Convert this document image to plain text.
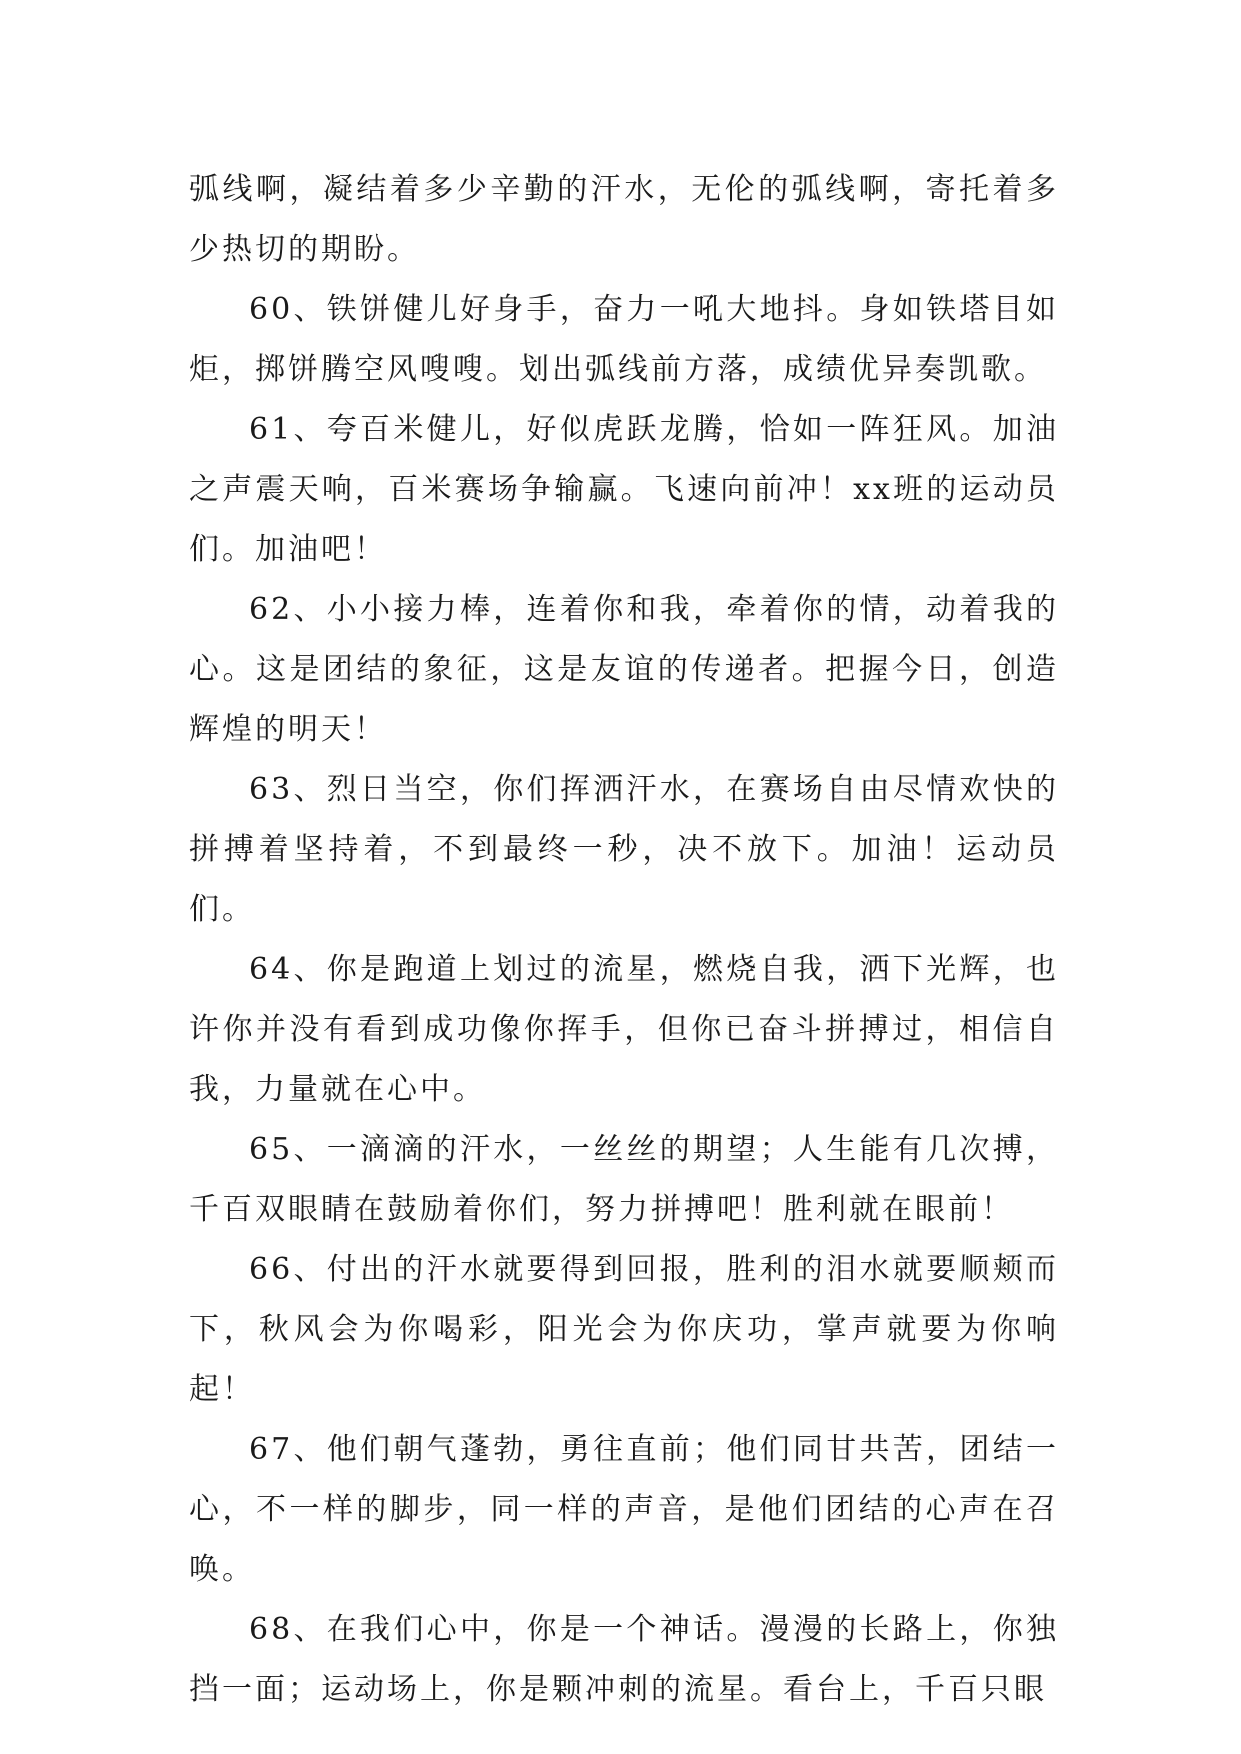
弧线啊，凝结着多少辛勤的汗水，无伦的弧线啊，寄托着多少热切的期盼。

60、铁饼健儿好身手，奋力一吼大地抖。身如铁塔目如炬，掷饼腾空风嗖嗖。划出弧线前方落，成绩优异奏凯歌。

61、夸百米健儿，好似虎跃龙腾，恰如一阵狂风。加油之声震天响，百米赛场争输赢。飞速向前冲！xx班的运动员们。加油吧！

62、小小接力棒，连着你和我，牵着你的情，动着我的心。这是团结的象征，这是友谊的传递者。把握今日，创造辉煌的明天！

63、烈日当空，你们挥洒汗水，在赛场自由尽情欢快的拼搏着坚持着，不到最终一秒，决不放下。加油！运动员们。

64、你是跑道上划过的流星，燃烧自我，洒下光辉，也许你并没有看到成功像你挥手，但你已奋斗拼搏过，相信自我，力量就在心中。

65、一滴滴的汗水，一丝丝的期望；人生能有几次搏，千百双眼睛在鼓励着你们，努力拼搏吧！胜利就在眼前！

66、付出的汗水就要得到回报，胜利的泪水就要顺颊而下，秋风会为你喝彩，阳光会为你庆功，掌声就要为你响起！

67、他们朝气蓬勃，勇往直前；他们同甘共苦，团结一心，不一样的脚步，同一样的声音，是他们团结的心声在召唤。

68、在我们心中，你是一个神话。漫漫的长路上，你独挡一面；运动场上，你是颗冲刺的流星。看台上，千百只眼
